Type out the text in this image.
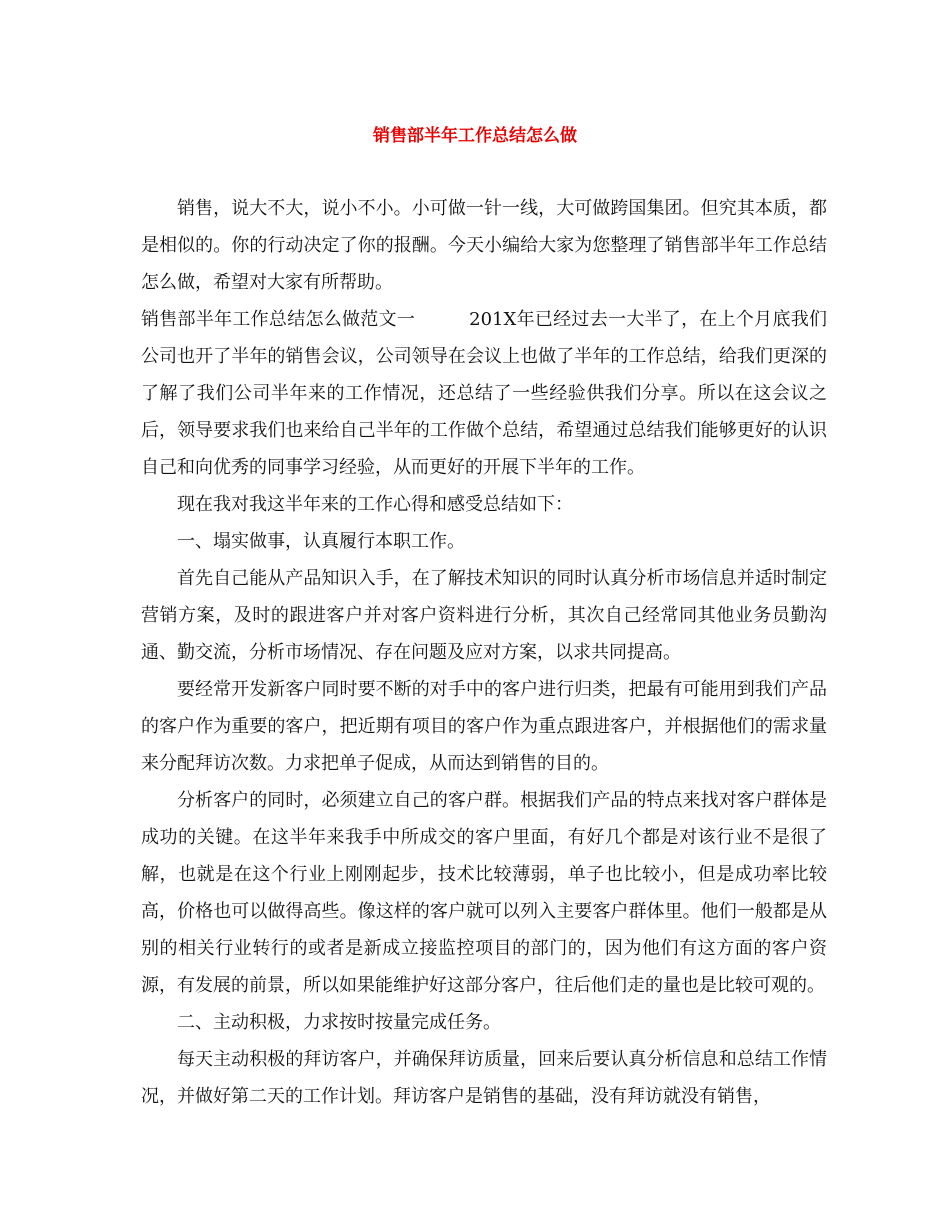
销售部半年工作总结怎么做

销售，说大不大，说小不小。小可做一针一线，大可做跨国集团。但究其本质，都是相似的。你的行动决定了你的报酬。今天小编给大家为您整理了销售部半年工作总结怎么做，希望对大家有所帮助。

销售部半年工作总结怎么做范文一	201X年已经过去一大半了，在上个月底我们公司也开了半年的销售会议，公司领导在会议上也做了半年的工作总结，给我们更深的了解了我们公司半年来的工作情况，还总结了一些经验供我们分享。所以在这会议之后，领导要求我们也来给自己半年的工作做个总结，希望通过总结我们能够更好的认识自己和向优秀的同事学习经验，从而更好的开展下半年的工作。

现在我对我这半年来的工作心得和感受总结如下：

一、塌实做事，认真履行本职工作。

首先自己能从产品知识入手，在了解技术知识的同时认真分析市场信息并适时制定营销方案，及时的跟进客户并对客户资料进行分析，其次自己经常同其他业务员勤沟通、勤交流，分析市场情况、存在问题及应对方案，以求共同提高。

要经常开发新客户同时要不断的对手中的客户进行归类，把最有可能用到我们产品的客户作为重要的客户，把近期有项目的客户作为重点跟进客户，并根据他们的需求量来分配拜访次数。力求把单子促成，从而达到销售的目的。

分析客户的同时，必须建立自己的客户群。根据我们产品的特点来找对客户群体是成功的关键。在这半年来我手中所成交的客户里面，有好几个都是对该行业不是很了解，也就是在这个行业上刚刚起步，技术比较薄弱，单子也比较小，但是成功率比较高，价格也可以做得高些。像这样的客户就可以列入主要客户群体里。他们一般都是从别的相关行业转行的或者是新成立接监控项目的部门的，因为他们有这方面的客户资源，有发展的前景，所以如果能维护好这部分客户，往后他们走的量也是比较可观的。

二、主动积极，力求按时按量完成任务。

每天主动积极的拜访客户，并确保拜访质量，回来后要认真分析信息和总结工作情况，并做好第二天的工作计划。拜访客户是销售的基础，没有拜访就没有销售，
